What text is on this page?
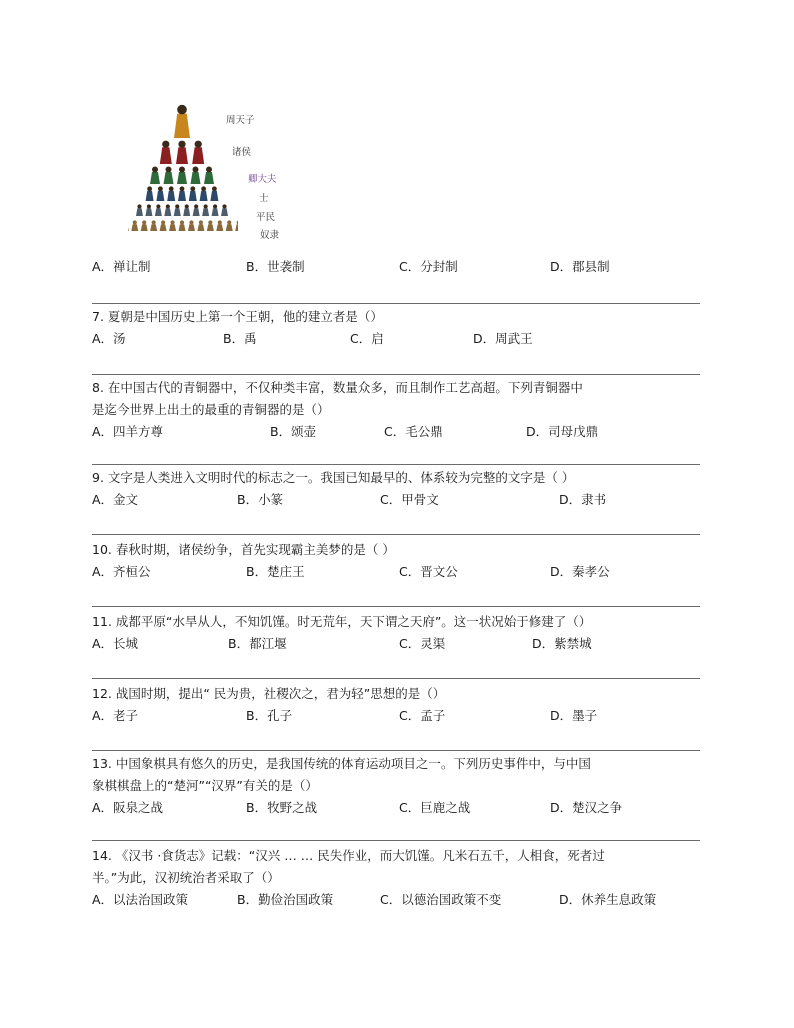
周天子
诸侯
卿大夫
士
平民
奴隶
A．禅让制	B．世袭制	C．分封制	D．郡县制
7. 夏朝是中国历史上第一个王朝，他的建立者是（）
A．汤	B．禹	C．启	D．周武王
8. 在中国古代的青铜器中，不仅种类丰富，数量众多，而且制作工艺高超。下列青铜器中
是迄今世界上出土的最重的青铜器的是（）
A．四羊方尊	B．颂壶	C．毛公鼎	D．司母戊鼎
9. 文字是人类进入文明时代的标志之一。我国已知最早的、体系较为完整的文字是（ ）
A．金文	B．小篆	C．甲骨文	D．隶书
10. 春秋时期，诸侯纷争，首先实现霸主美梦的是（ ）
A．齐桓公	B．楚庄王	C．晋文公	D．秦孝公
11. 成都平原“水旱从人，不知饥馑。时无荒年，天下谓之天府”。这一状况始于修建了（）
A．长城	B．都江堰	C．灵渠	D．紫禁城
12. 战国时期，提出“ 民为贵，社稷次之，君为轻”思想的是（）
A．老子	B．孔子	C．孟子	D．墨子
13. 中国象棋具有悠久的历史，是我国传统的体育运动项目之一。下列历史事件中，与中国
象棋棋盘上的“楚河”“汉界”有关的是（）
A．阪泉之战	B．牧野之战	C．巨鹿之战	D．楚汉之争
14. 《汉书 ·食货志》记载：“汉兴 … … 民失作业，而大饥馑。凡米石五千，人相食，死者过
半。”为此，汉初统治者采取了（）
A．以法治国政策	B．勤俭治国政策	C．以德治国政策不变	D．休养生息政策
